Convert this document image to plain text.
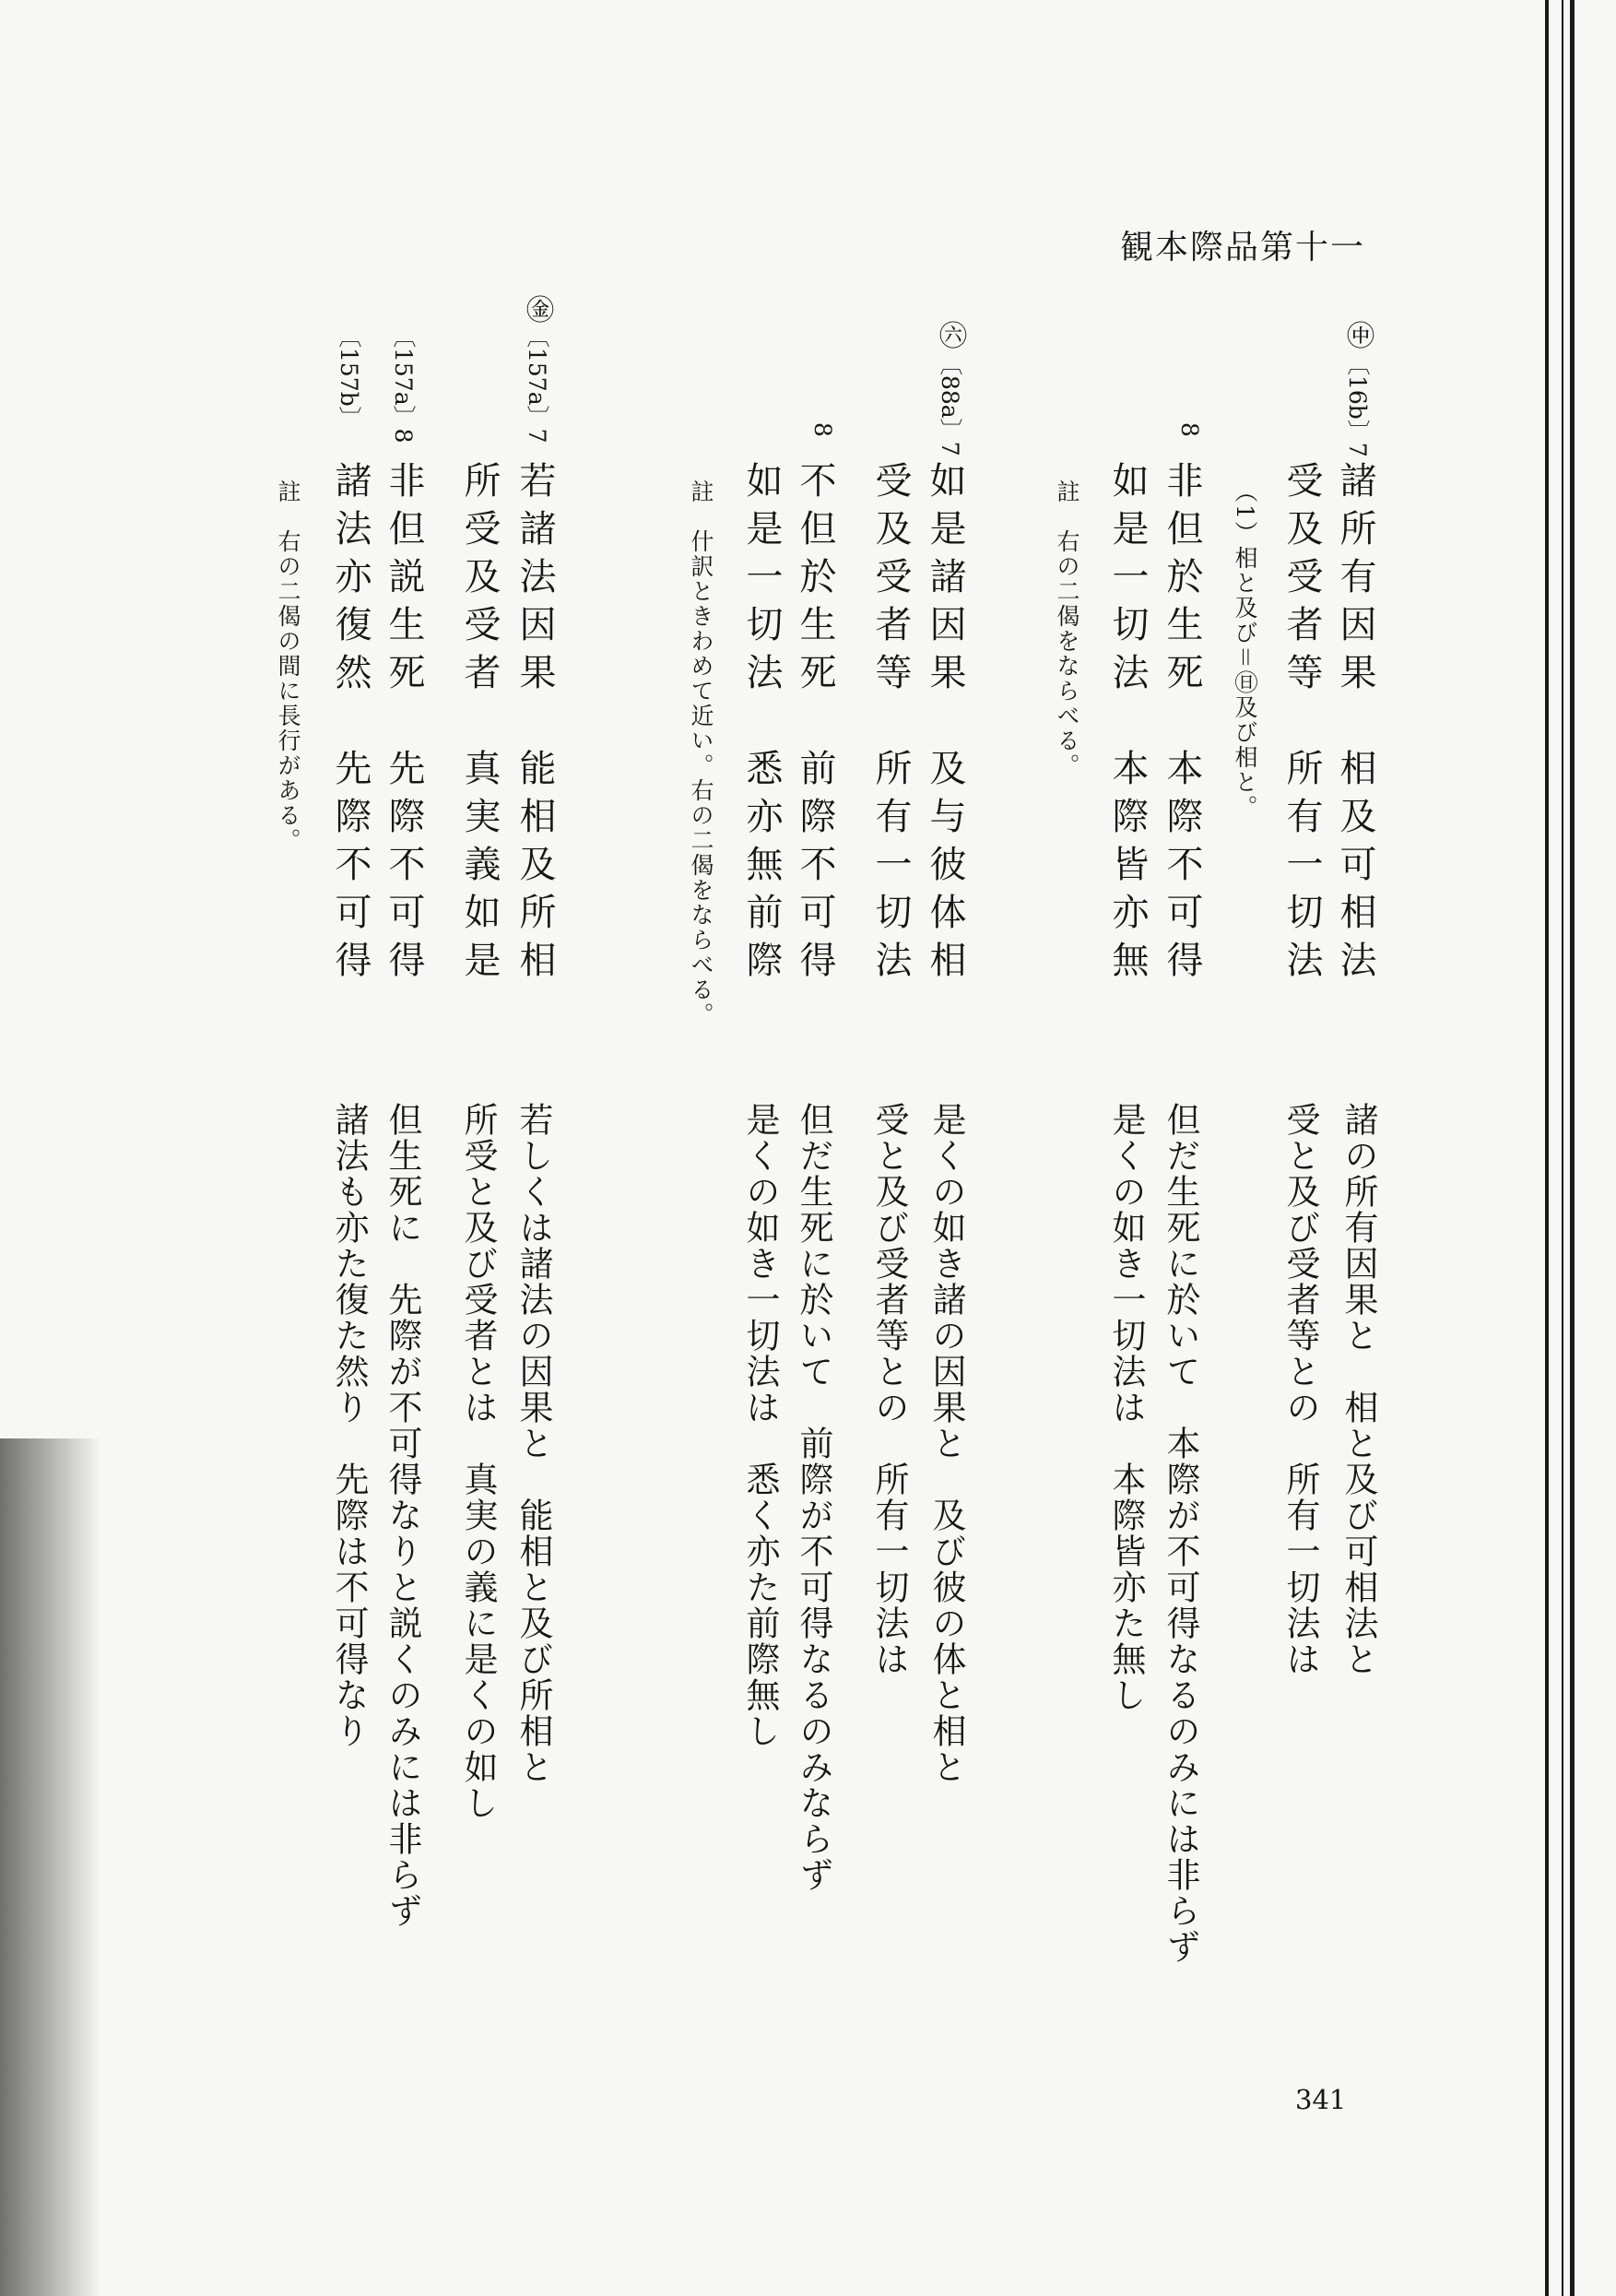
観本際品第十一
㊥
〔16b〕7
諸所有因果　相及可相法
受及受者等　所有一切法
（1）相と及び＝㊐及び相と。
8
非但於生死　本際不可得
如是一切法　本際皆亦無
註　右の二偈をならべる。
諸の所有因果と　相と及び可相法と
受と及び受者等との　所有一切法は
但だ生死に於いて　本際が不可得なるのみには非らず
是くの如き一切法は　本際皆亦た無し
㊅
〔88a〕7
如是諸因果　及与彼体相
受及受者等　所有一切法
8
不但於生死　前際不可得
如是一切法　悉亦無前際
註　什訳ときわめて近い。右の二偈をならべる。
是くの如き諸の因果と　及び彼の体と相と
受と及び受者等との　所有一切法は
但だ生死に於いて　前際が不可得なるのみならず
是くの如き一切法は　悉く亦た前際無し
㊎
〔157a〕7
若諸法因果　能相及所相
所受及受者　真実義如是
〔157a〕8
非但説生死　先際不可得
〔157b〕
諸法亦復然　先際不可得
註　右の二偈の間に長行がある。
若しくは諸法の因果と　能相と及び所相と
所受と及び受者とは　真実の義に是くの如し
但生死に　先際が不可得なりと説くのみには非らず
諸法も亦た復た然り　先際は不可得なり
341
